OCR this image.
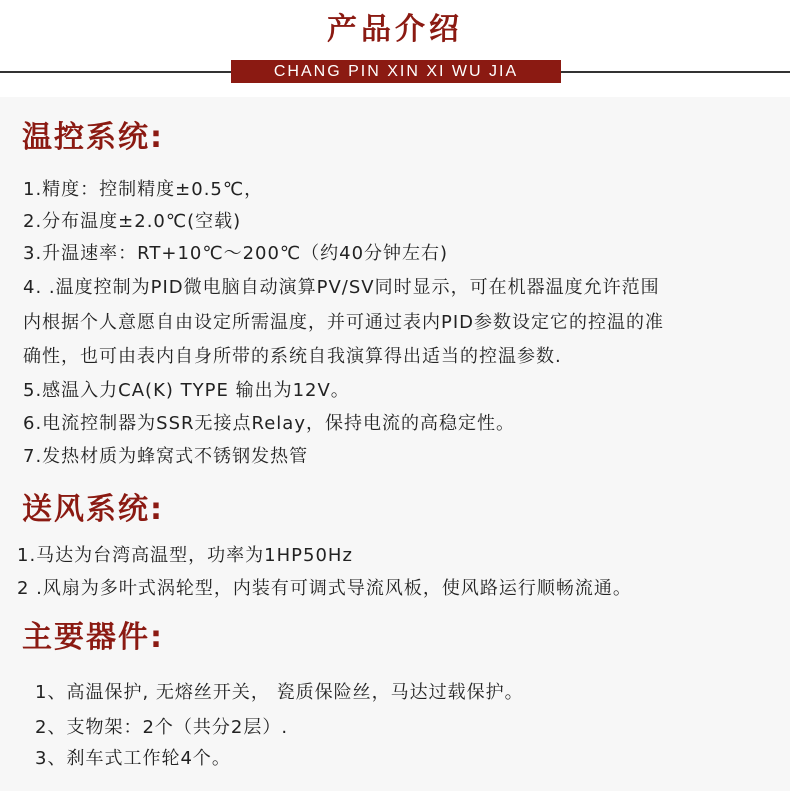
产品介绍
CHANG PIN XIN XI WU JIA
温控系统:
1.精度：控制精度±0.5℃，
2.分布温度±2.0℃(空载)
3.升温速率：RT+10℃～200℃（约40分钟左右)
4. .温度控制为PID微电脑自动演算PV/SV同时显示，可在机器温度允许范围
内根据个人意愿自由设定所需温度，并可通过表内PID参数设定它的控温的准
确性，也可由表内自身所带的系统自我演算得出适当的控温参数.
5.感温入力CA(K) TYPE 输出为12V。
6.电流控制器为SSR无接点Relay，保持电流的高稳定性。
7.发热材质为蜂窝式不锈钢发热管
送风系统:
1.马达为台湾高温型，功率为1HP50Hz
2 .风扇为多叶式涡轮型，内装有可调式导流风板，使风路运行顺畅流通。
主要器件:
1、高温保护, 无熔丝开关， 瓷质保险丝，马达过载保护。
2、支物架：2个（共分2层）.
3、刹车式工作轮4个。
